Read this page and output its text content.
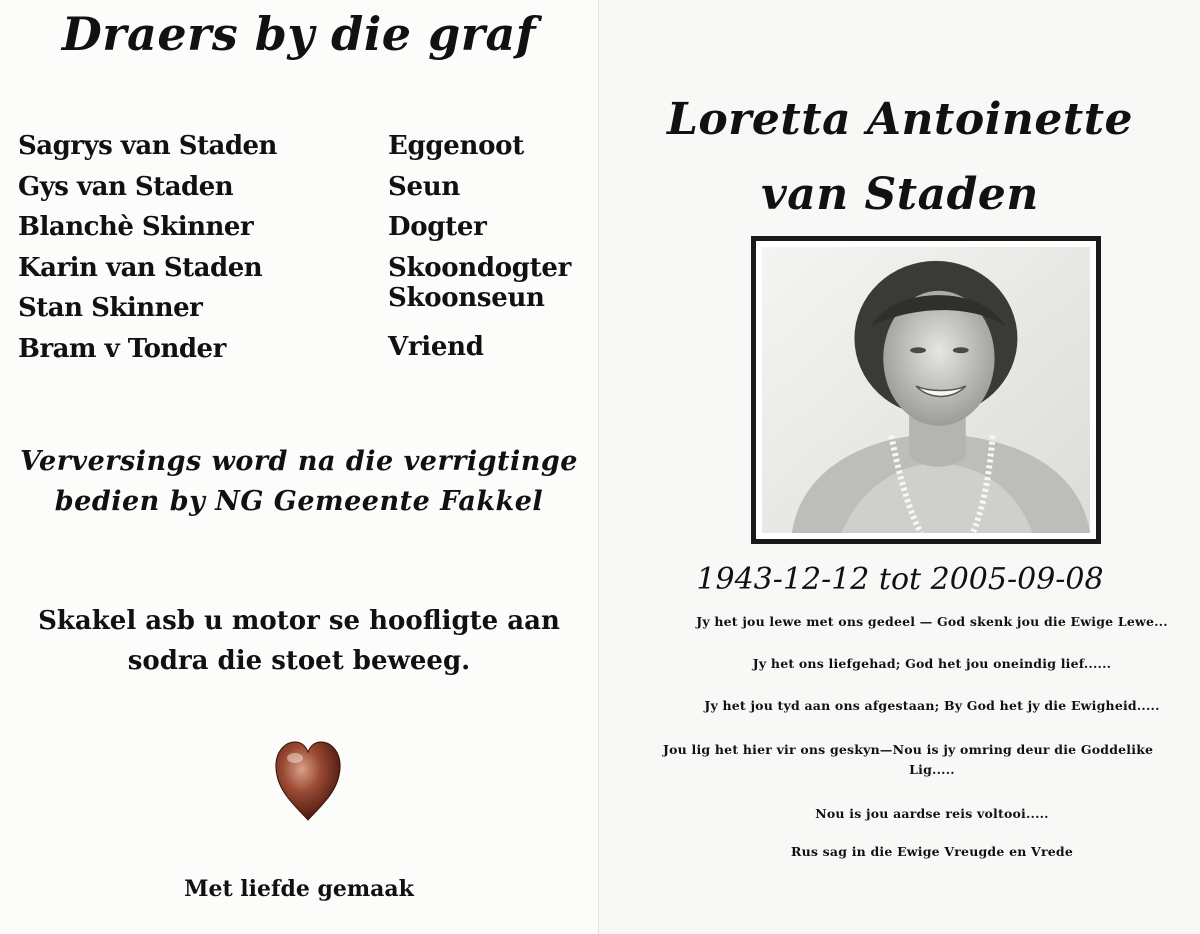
Draers by die graf
Sagrys van Staden	Eggenoot
Gys van Staden	Seun
Blanchè Skinner	Dogter
Karin van Staden	Skoondogter
Stan Skinner	Skoonseun
Bram v Tonder	Vriend
Verversings word na die verrigtinge
bedien by NG Gemeente Fakkel
Skakel asb u motor se hoofligte aan
sodra die stoet beweeg.
Met liefde gemaak
Loretta Antoinette
van Staden
1943-12-12 tot 2005-09-08
Jy het jou lewe met ons gedeel — God skenk jou die Ewige Lewe...
Jy het ons liefgehad; God het jou oneindig lief......
Jy het jou tyd aan ons afgestaan; By God het jy die Ewigheid.....
Jou lig het hier vir ons geskyn—Nou is jy omring deur die Goddelike
Lig.....
Nou is jou aardse reis voltooi.....
Rus sag in die Ewige Vreugde en Vrede
